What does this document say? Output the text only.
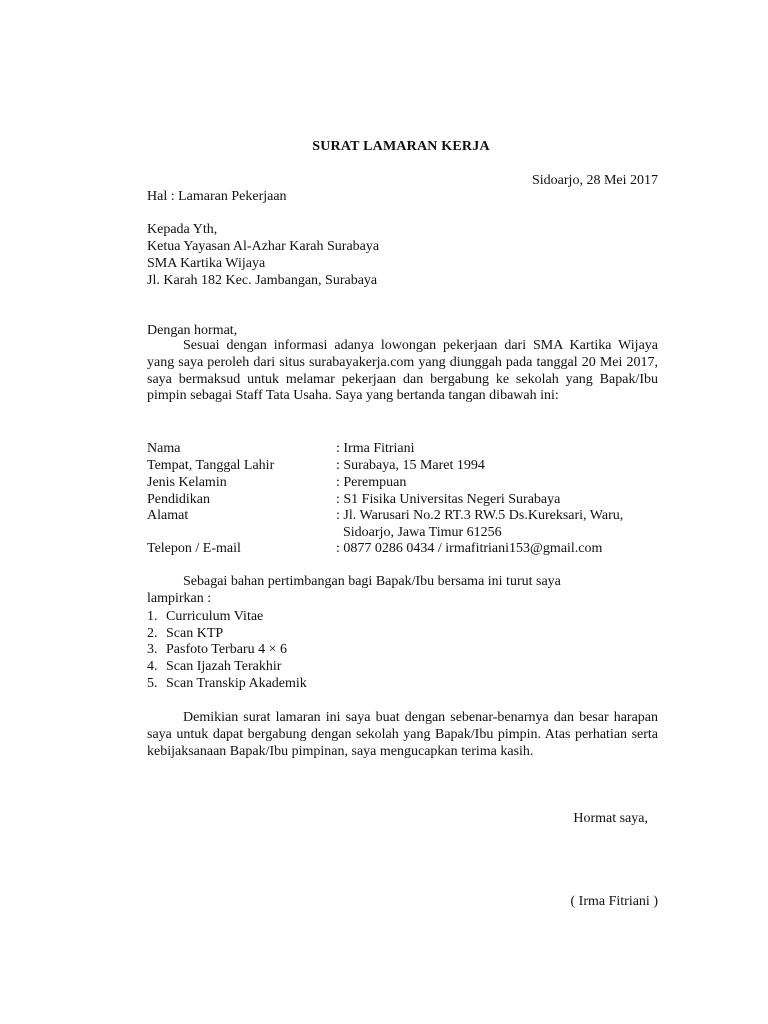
SURAT LAMARAN KERJA
Sidoarjo, 28 Mei 2017
Hal : Lamaran Pekerjaan
Kepada Yth,
Ketua Yayasan Al-Azhar Karah Surabaya
SMA Kartika Wijaya
Jl. Karah 182 Kec. Jambangan, Surabaya
Dengan hormat,

Sesuai dengan informasi adanya lowongan pekerjaan dari SMA Kartika Wijaya yang saya peroleh dari situs surabayakerja.com yang diunggah pada tanggal 20 Mei 2017, saya bermaksud untuk melamar pekerjaan dan bergabung ke sekolah yang Bapak/Ibu pimpin sebagai Staff Tata Usaha. Saya yang bertanda tangan dibawah ini:

Nama	: Irma Fitriani
Tempat, Tanggal Lahir	: Surabaya, 15 Maret 1994
Jenis Kelamin	: Perempuan
Pendidikan	: S1 Fisika Universitas Negeri Surabaya
Alamat	: Jl. Warusari No.2 RT.3 RW.5 Ds.Kureksari, Waru,
Sidoarjo, Jawa Timur 61256
Telepon / E-mail	: 0877 0286 0434 / irmafitriani153@gmail.com

Sebagai bahan pertimbangan bagi Bapak/Ibu bersama ini turut saya lampirkan :

1. Curriculum Vitae
2. Scan KTP
3. Pasfoto Terbaru 4 × 6
4. Scan Ijazah Terakhir
5. Scan Transkip Akademik

Demikian surat lamaran ini saya buat dengan sebenar-benarnya dan besar harapan saya untuk dapat bergabung dengan sekolah yang Bapak/Ibu pimpin. Atas perhatian serta kebijaksanaan Bapak/Ibu pimpinan, saya mengucapkan terima kasih.

Hormat saya,
( Irma Fitriani )
